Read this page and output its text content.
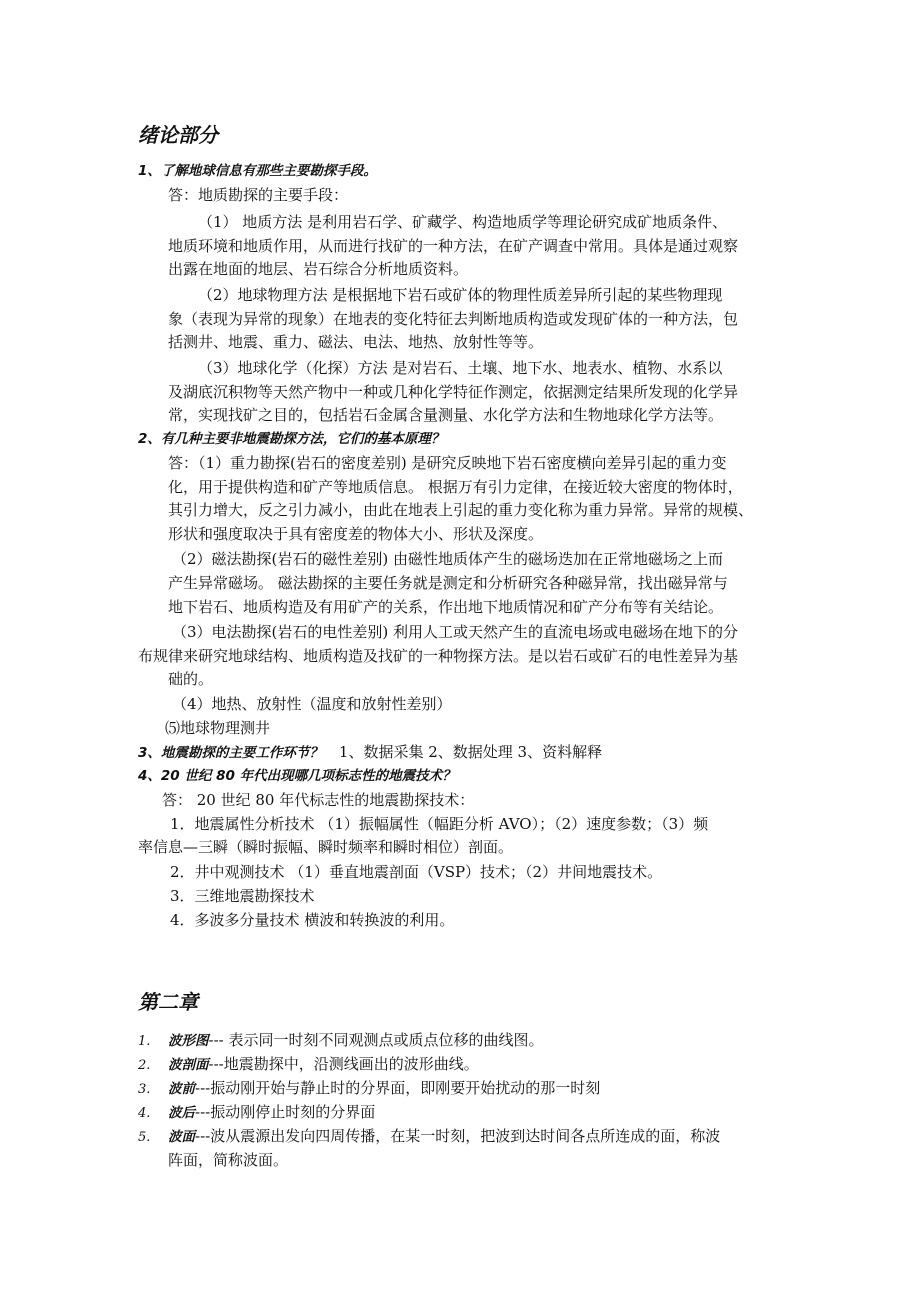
绪论部分
1、了解地球信息有那些主要勘探手段。
答：地质勘探的主要手段：
（1） 地质方法 是利用岩石学、矿藏学、构造地质学等理论研究成矿地质条件、
地质环境和地质作用，从而进行找矿的一种方法，在矿产调查中常用。具体是通过观察
出露在地面的地层、岩石综合分析地质资料。
（2）地球物理方法 是根据地下岩石或矿体的物理性质差异所引起的某些物理现
象（表现为异常的现象）在地表的变化特征去判断地质构造或发现矿体的一种方法，包
括测井、地震、重力、磁法、电法、地热、放射性等等。
（3）地球化学（化探）方法 是对岩石、土壤、地下水、地表水、植物、水系以
及湖底沉积物等天然产物中一种或几种化学特征作测定，依据测定结果所发现的化学异
常，实现找矿之目的，包括岩石金属含量测量、水化学方法和生物地球化学方法等。
2、有几种主要非地震勘探方法，它们的基本原理？
答：（1）重力勘探(岩石的密度差别) 是研究反映地下岩石密度横向差异引起的重力变
化，用于提供构造和矿产等地质信息。 根据万有引力定律，在接近较大密度的物体时，
其引力增大，反之引力减小，由此在地表上引起的重力变化称为重力异常。异常的规模、
形状和强度取决于具有密度差的物体大小、形状及深度。
（2）磁法勘探(岩石的磁性差别) 由磁性地质体产生的磁场迭加在正常地磁场之上而
产生异常磁场。 磁法勘探的主要任务就是测定和分析研究各种磁异常，找出磁异常与
地下岩石、地质构造及有用矿产的关系，作出地下地质情况和矿产分布等有关结论。
（3）电法勘探(岩石的电性差别) 利用人工或天然产生的直流电场或电磁场在地下的分
布规律来研究地球结构、地质构造及找矿的一种物探方法。是以岩石或矿石的电性差异为基
础的。
（4）地热、放射性（温度和放射性差别）
⑸地球物理测井
3、地震勘探的主要工作环节？ 1、数据采集 2、数据处理 3、资料解释
4、20 世纪 80 年代出现哪几项标志性的地震技术？
答： 20 世纪 80 年代标志性的地震勘探技术：
1．地震属性分析技术 （1）振幅属性（幅距分析 AVO）；（2）速度参数；（3）频
率信息—三瞬（瞬时振幅、瞬时频率和瞬时相位）剖面。
2．井中观测技术 （1）垂直地震剖面（VSP）技术；（2）井间地震技术。
3．三维地震勘探技术
4．多波多分量技术 横波和转换波的利用。
第二章
1. 波形图--- 表示同一时刻不同观测点或质点位移的曲线图。
2. 波剖面---地震勘探中，沿测线画出的波形曲线。
3. 波前---振动刚开始与静止时的分界面，即刚要开始扰动的那一时刻
4. 波后---振动刚停止时刻的分界面
5. 波面---波从震源出发向四周传播，在某一时刻，把波到达时间各点所连成的面，称波
阵面，简称波面。
